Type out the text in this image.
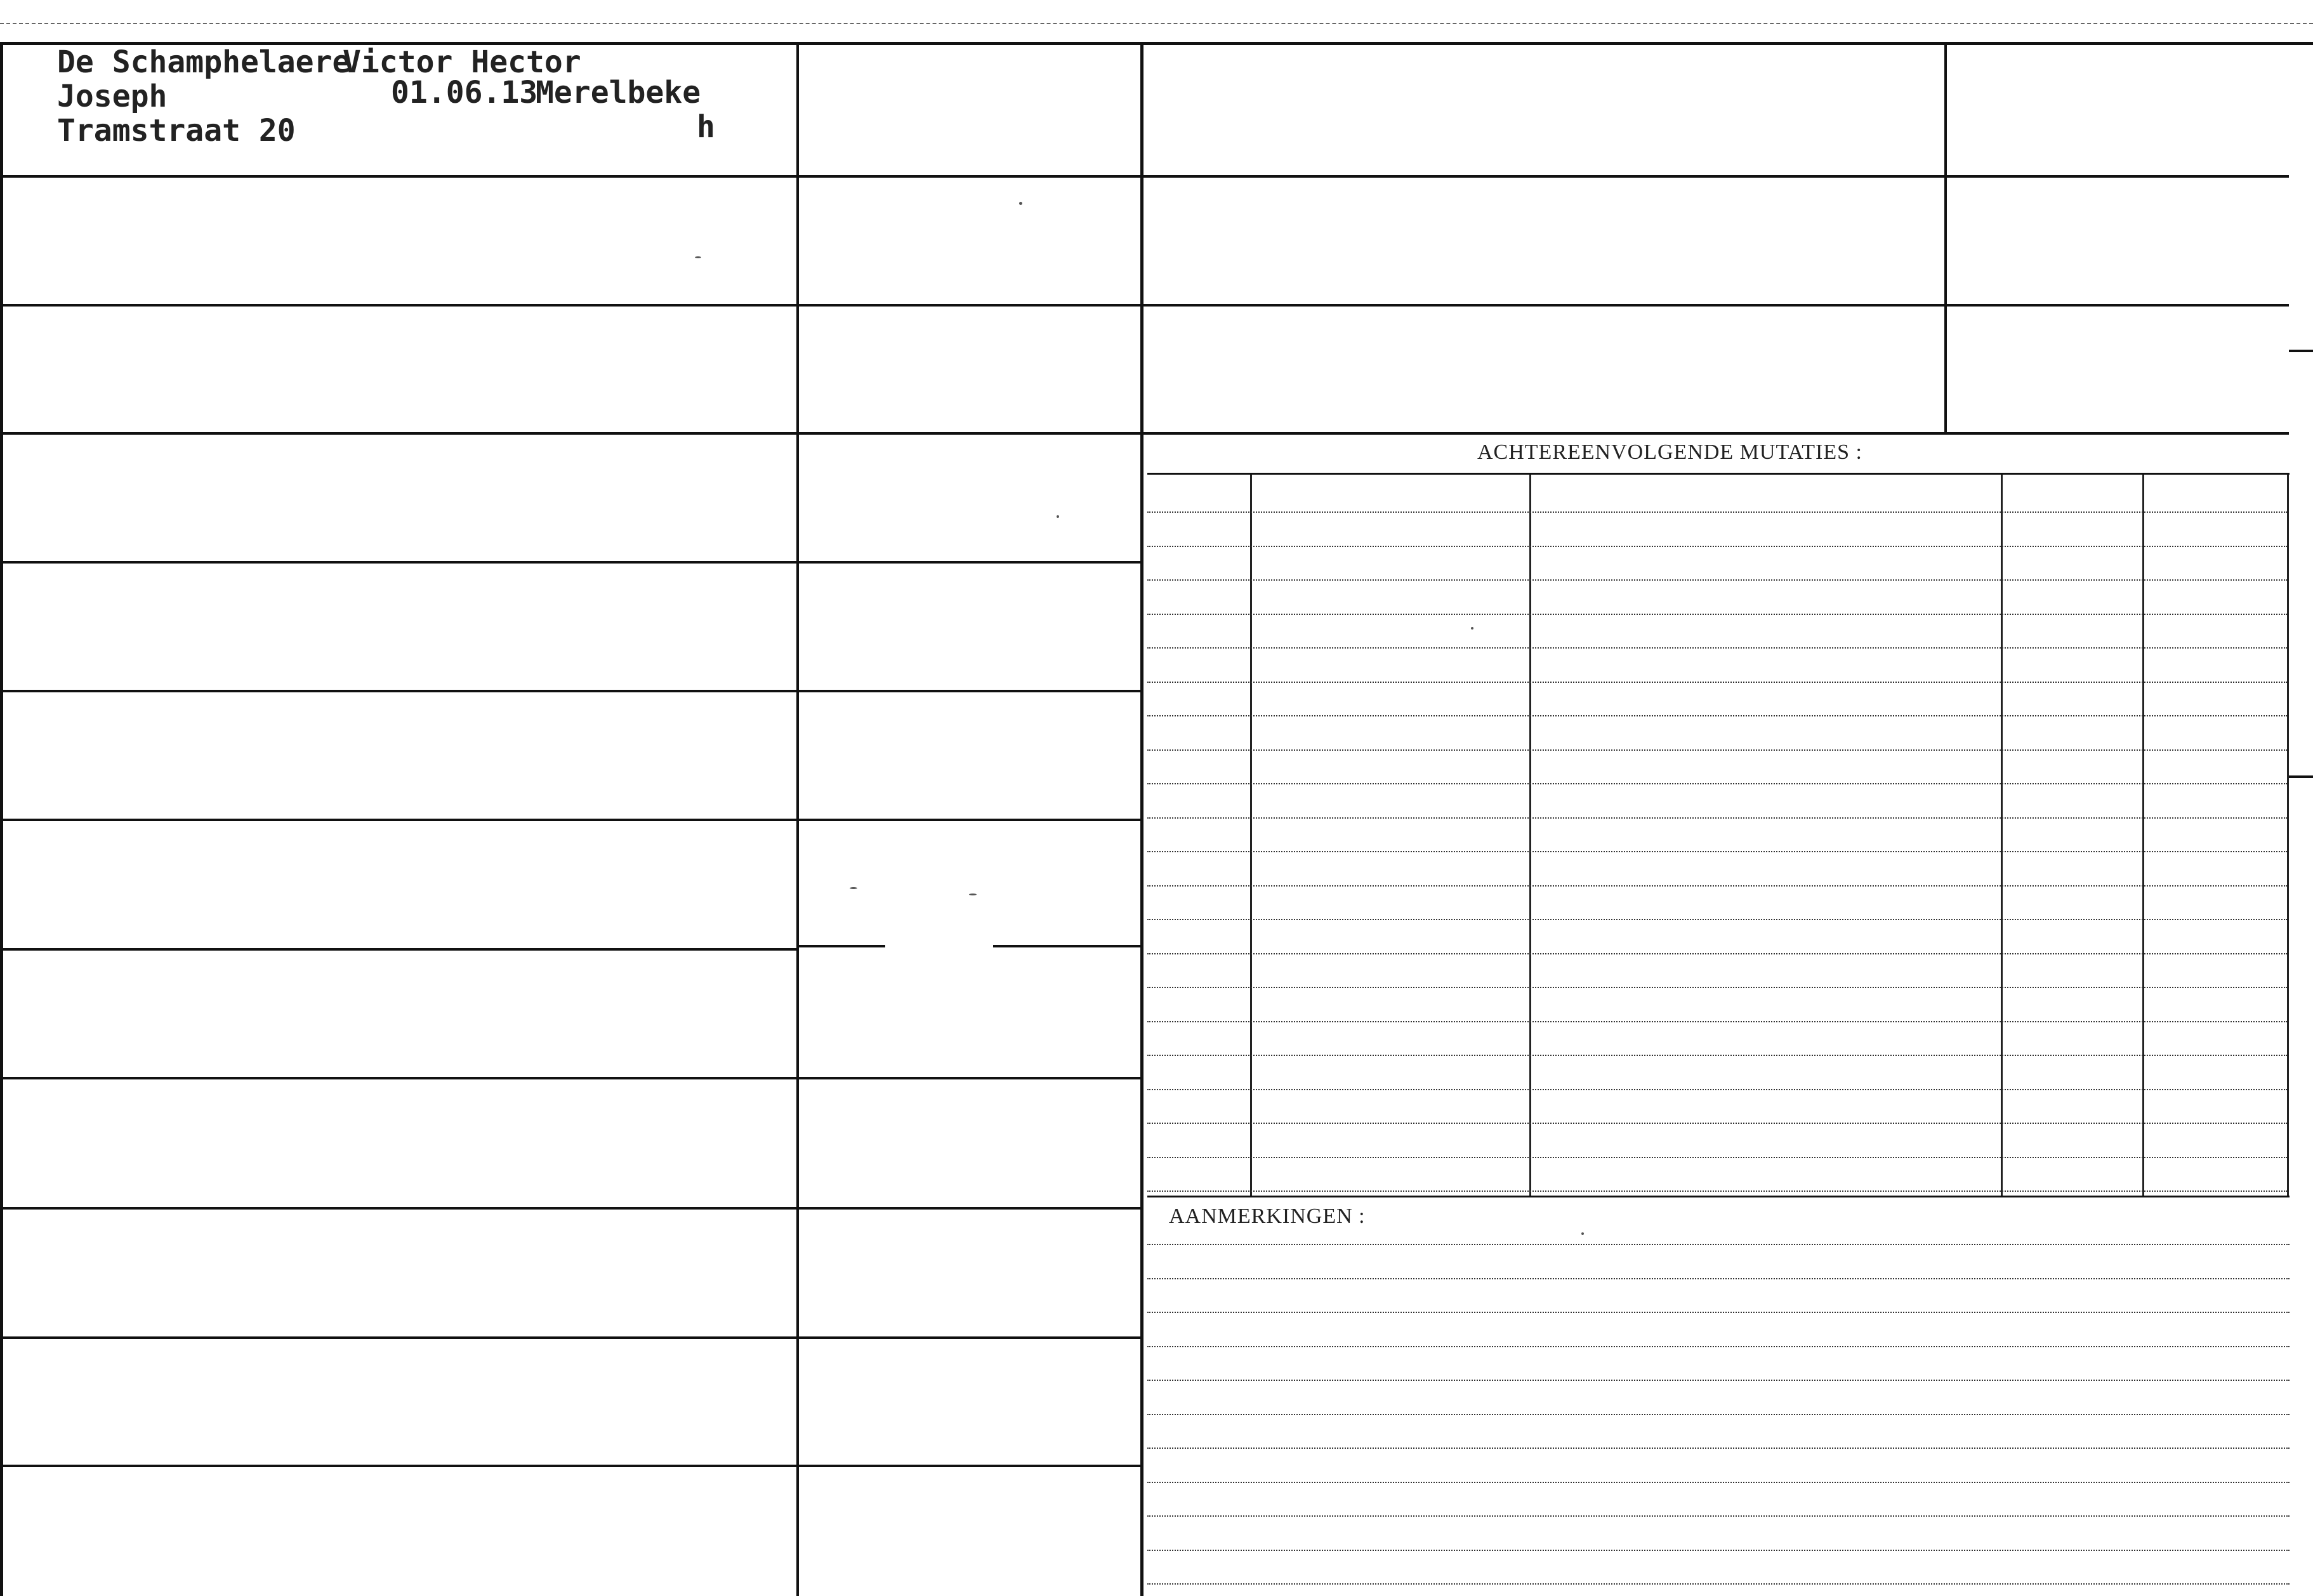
ACHTEREENVOLGENDE MUTATIES :
AANMERKINGEN :
De Schamphelaere
Victor Hector
Joseph	01.06.13
Merelbeke
Tramstraat 20	h
